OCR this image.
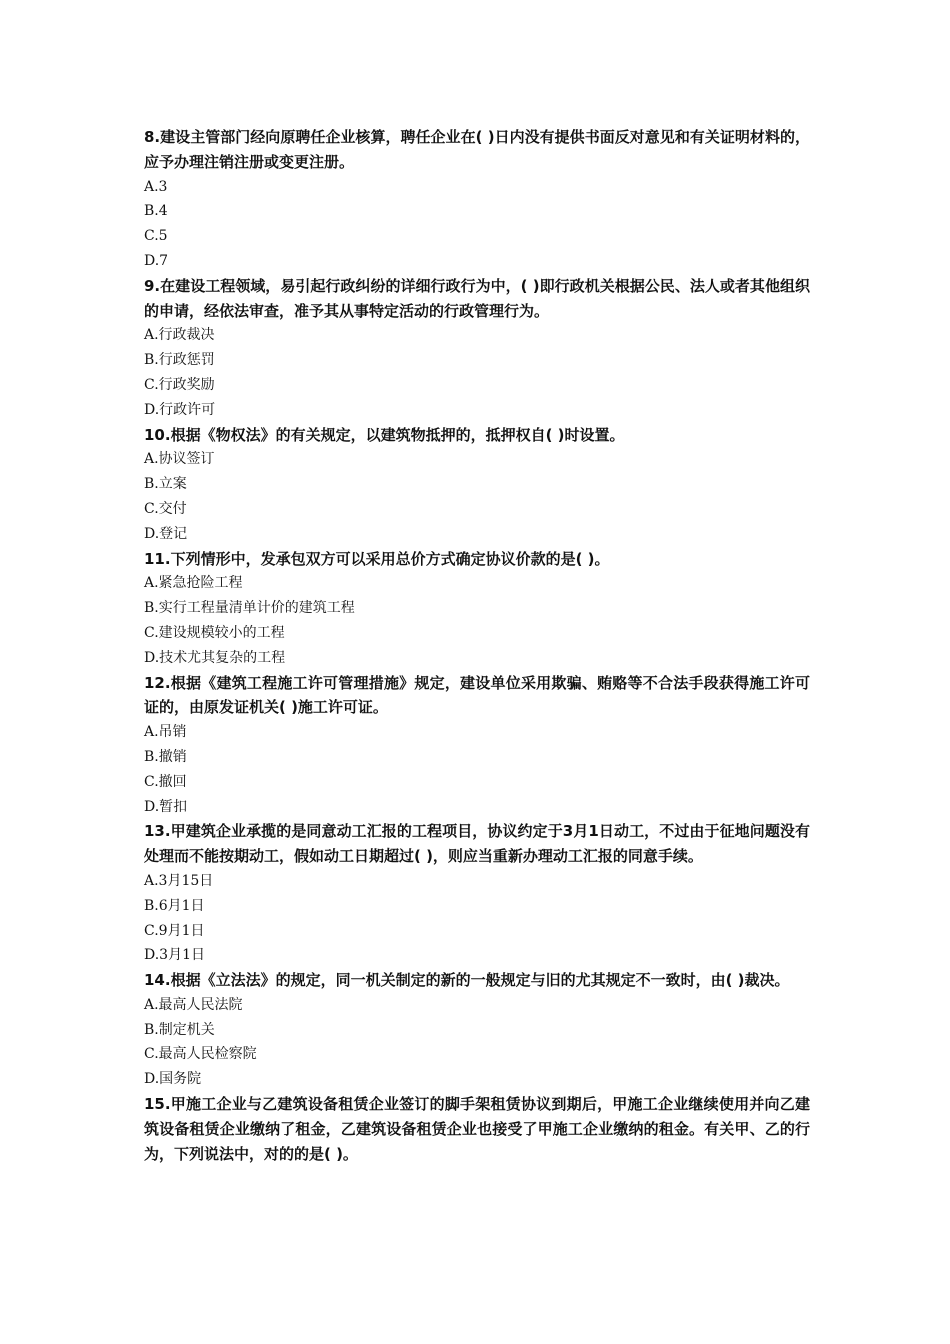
8.建设主管部门经向原聘任企业核算，聘任企业在( )日内没有提供书面反对意见和有关证明材料的，应予办理注销注册或变更注册。

A.3

B.4

C.5

D.7

9.在建设工程领域，易引起行政纠纷的详细行政行为中，( )即行政机关根据公民、法人或者其他组织的申请，经依法审查，准予其从事特定活动的行政管理行为。

A.行政裁决

B.行政惩罚

C.行政奖励

D.行政许可

10.根据《物权法》的有关规定，以建筑物抵押的，抵押权自( )时设置。

A.协议签订

B.立案

C.交付

D.登记

11.下列情形中，发承包双方可以采用总价方式确定协议价款的是( )。

A.紧急抢险工程

B.实行工程量清单计价的建筑工程

C.建设规模较小的工程

D.技术尤其复杂的工程

12.根据《建筑工程施工许可管理措施》规定，建设单位采用欺骗、贿赂等不合法手段获得施工许可证的，由原发证机关( )施工许可证。

A.吊销

B.撤销

C.撤回

D.暂扣

13.甲建筑企业承揽的是同意动工汇报的工程项目，协议约定于3月1日动工，不过由于征地问题没有处理而不能按期动工，假如动工日期超过( )，则应当重新办理动工汇报的同意手续。

A.3月15日

B.6月1日

C.9月1日

D.3月1日

14.根据《立法法》的规定，同一机关制定的新的一般规定与旧的尤其规定不一致时，由( )裁决。

A.最高人民法院

B.制定机关

C.最高人民检察院

D.国务院

15.甲施工企业与乙建筑设备租赁企业签订的脚手架租赁协议到期后，甲施工企业继续使用并向乙建筑设备租赁企业缴纳了租金，乙建筑设备租赁企业也接受了甲施工企业缴纳的租金。有关甲、乙的行为，下列说法中，对的的是( )。
